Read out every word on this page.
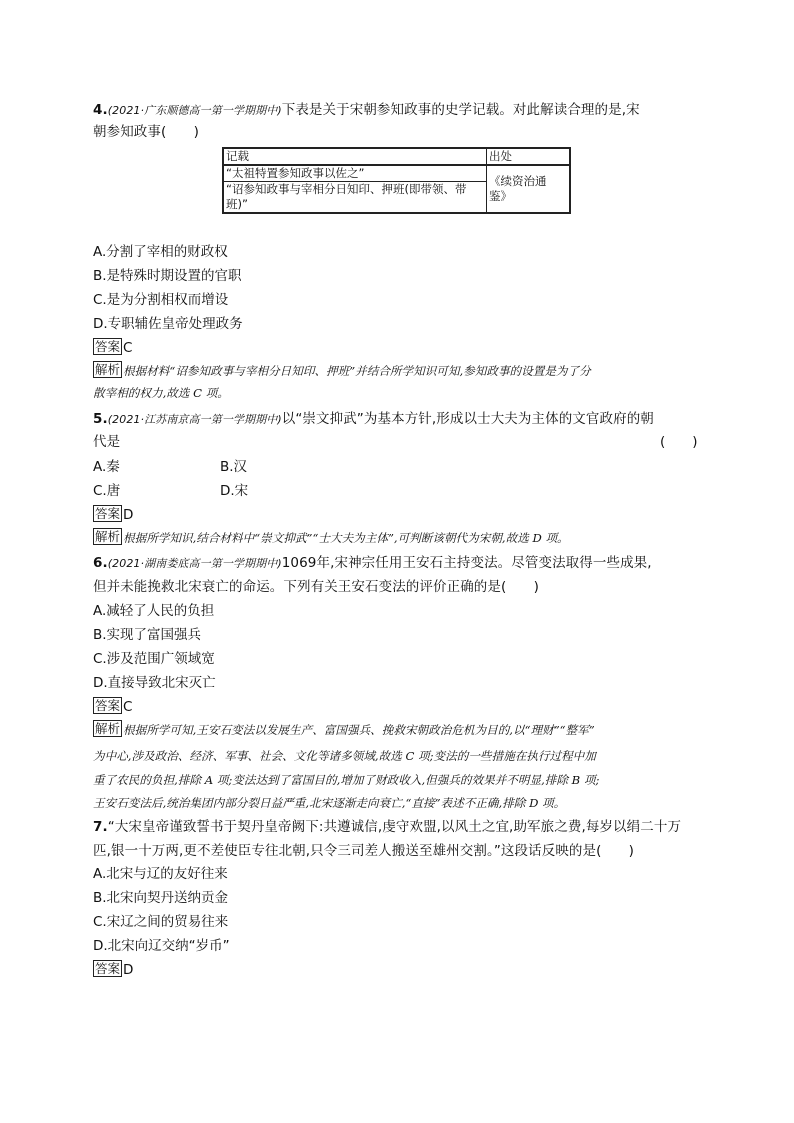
4.(2021·广东顺德高一第一学期期中)下表是关于宋朝参知政事的史学记载。对此解读合理的是,宋
朝参知政事(　　)
记载	出处
“太祖特置参知政事以佐之”	《续资治通
鉴》

“诏参知政事与宰相分日知印、押班(即带领、带
班)”	
A.分割了宰相的财政权
B.是特殊时期设置的官职
C.是为分割相权而增设
D.专职辅佐皇帝处理政务
答案 C
解析 根据材料“诏参知政事与宰相分日知印、押班”并结合所学知识可知,参知政事的设置是为了分
散宰相的权力,故选 C 项。
5.(2021·江苏南京高一第一学期期中)以“崇文抑武”为基本方针,形成以士大夫为主体的文官政府的朝
代是	(　　)
A.秦	B.汉
C.唐	D.宋
答案 D
解析 根据所学知识,结合材料中“崇文抑武”“士大夫为主体”,可判断该朝代为宋朝,故选 D 项。
6.(2021·湖南娄底高一第一学期期中)1069年,宋神宗任用王安石主持变法。尽管变法取得一些成果,
但并未能挽救北宋衰亡的命运。下列有关王安石变法的评价正确的是(　　)
A.减轻了人民的负担
B.实现了富国强兵
C.涉及范围广领域宽
D.直接导致北宋灭亡
答案 C
解析 根据所学可知,王安石变法以发展生产、富国强兵、挽救宋朝政治危机为目的,以“理财”“整军”
为中心,涉及政治、经济、军事、社会、文化等诸多领域,故选 C 项;变法的一些措施在执行过程中加
重了农民的负担,排除 A 项;变法达到了富国目的,增加了财政收入,但强兵的效果并不明显,排除 B 项;
王安石变法后,统治集团内部分裂日益严重,北宋逐渐走向衰亡,“直接”表述不正确,排除 D 项。
7.“大宋皇帝谨致誓书于契丹皇帝阙下:共遵诚信,虔守欢盟,以风土之宜,助军旅之费,每岁以绢二十万
匹,银一十万两,更不差使臣专往北朝,只令三司差人搬送至雄州交割。”这段话反映的是(　　)
A.北宋与辽的友好往来
B.北宋向契丹送纳贡金
C.宋辽之间的贸易往来
D.北宋向辽交纳“岁币”
答案 D
